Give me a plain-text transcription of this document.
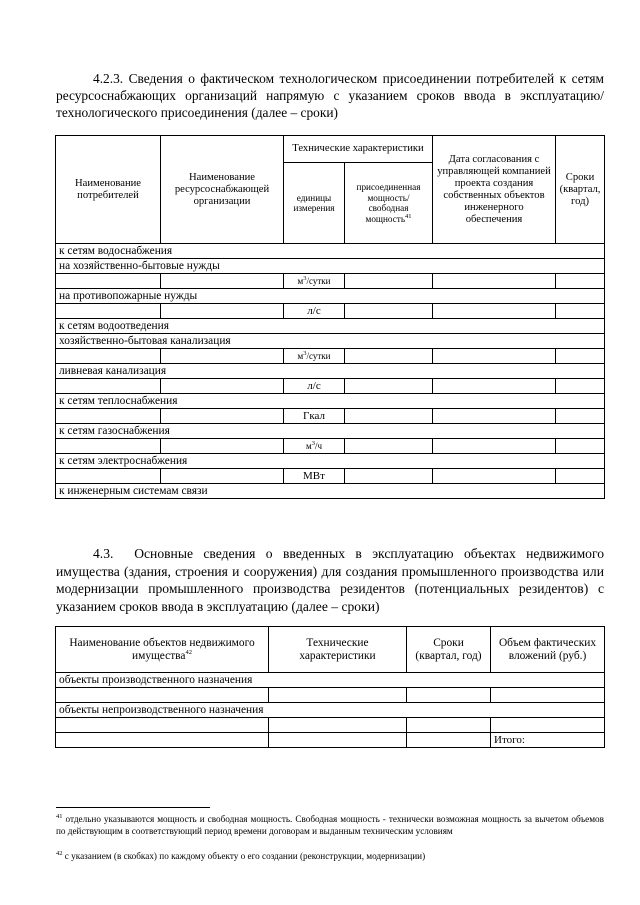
4.2.3. Сведения о фактическом технологическом присоединении потребителей к сетям ресурсоснабжающих организаций напрямую с указанием сроков ввода в эксплуатацию/ технологического присоединения (далее – сроки)

Наименование потребителей	Наименование ресурсоснабжающей организации	Технические характеристики		Дата согласования с управляющей компанией проекта создания собственных объектов инженерного обеспечения	Сроки (квартал, год)
		единицы измерения	присоединенная мощность/ свободная мощность$^{41}$
к сетям водоснабжения					
на хозяйственно-бытовые нужды					
		$м^3$/сутки			
на противопожарные нужды					
		л/с			
к сетям водоотведения					
хозяйственно-бытовая канализация					
		$м^3$/сутки			
ливневая канализация					
		л/с			
к сетям теплоснабжения					
		Гкал			
к сетям газоснабжения					
		$м^3/ч$			
к сетям электроснабжения					
		МВт			
к инженерным системам связи					

4.3. Основные сведения о введенных в эксплуатацию объектах недвижимого имущества (здания, строения и сооружения) для создания промышленного производства или модернизации промышленного производства резидентов (потенциальных резидентов) с указанием сроков ввода в эксплуатацию (далее – сроки)

Наименование объектов недвижимого имущества$^{42}$	Технические характеристики	Сроки (квартал, год)	Объем фактических вложений (руб.)
объекты производственного назначения			

объекты непроизводственного назначения			

			Итого:

$^{41}$ отдельно указываются мощность и свободная мощность. Свободная мощность - технически возможная мощность за вычетом объемов по действующим в соответствующий период времени договорам и выданным техническим условиям

$^{42}$ с указанием (в скобках) по каждому объекту о его создании (реконструкции, модернизации)
